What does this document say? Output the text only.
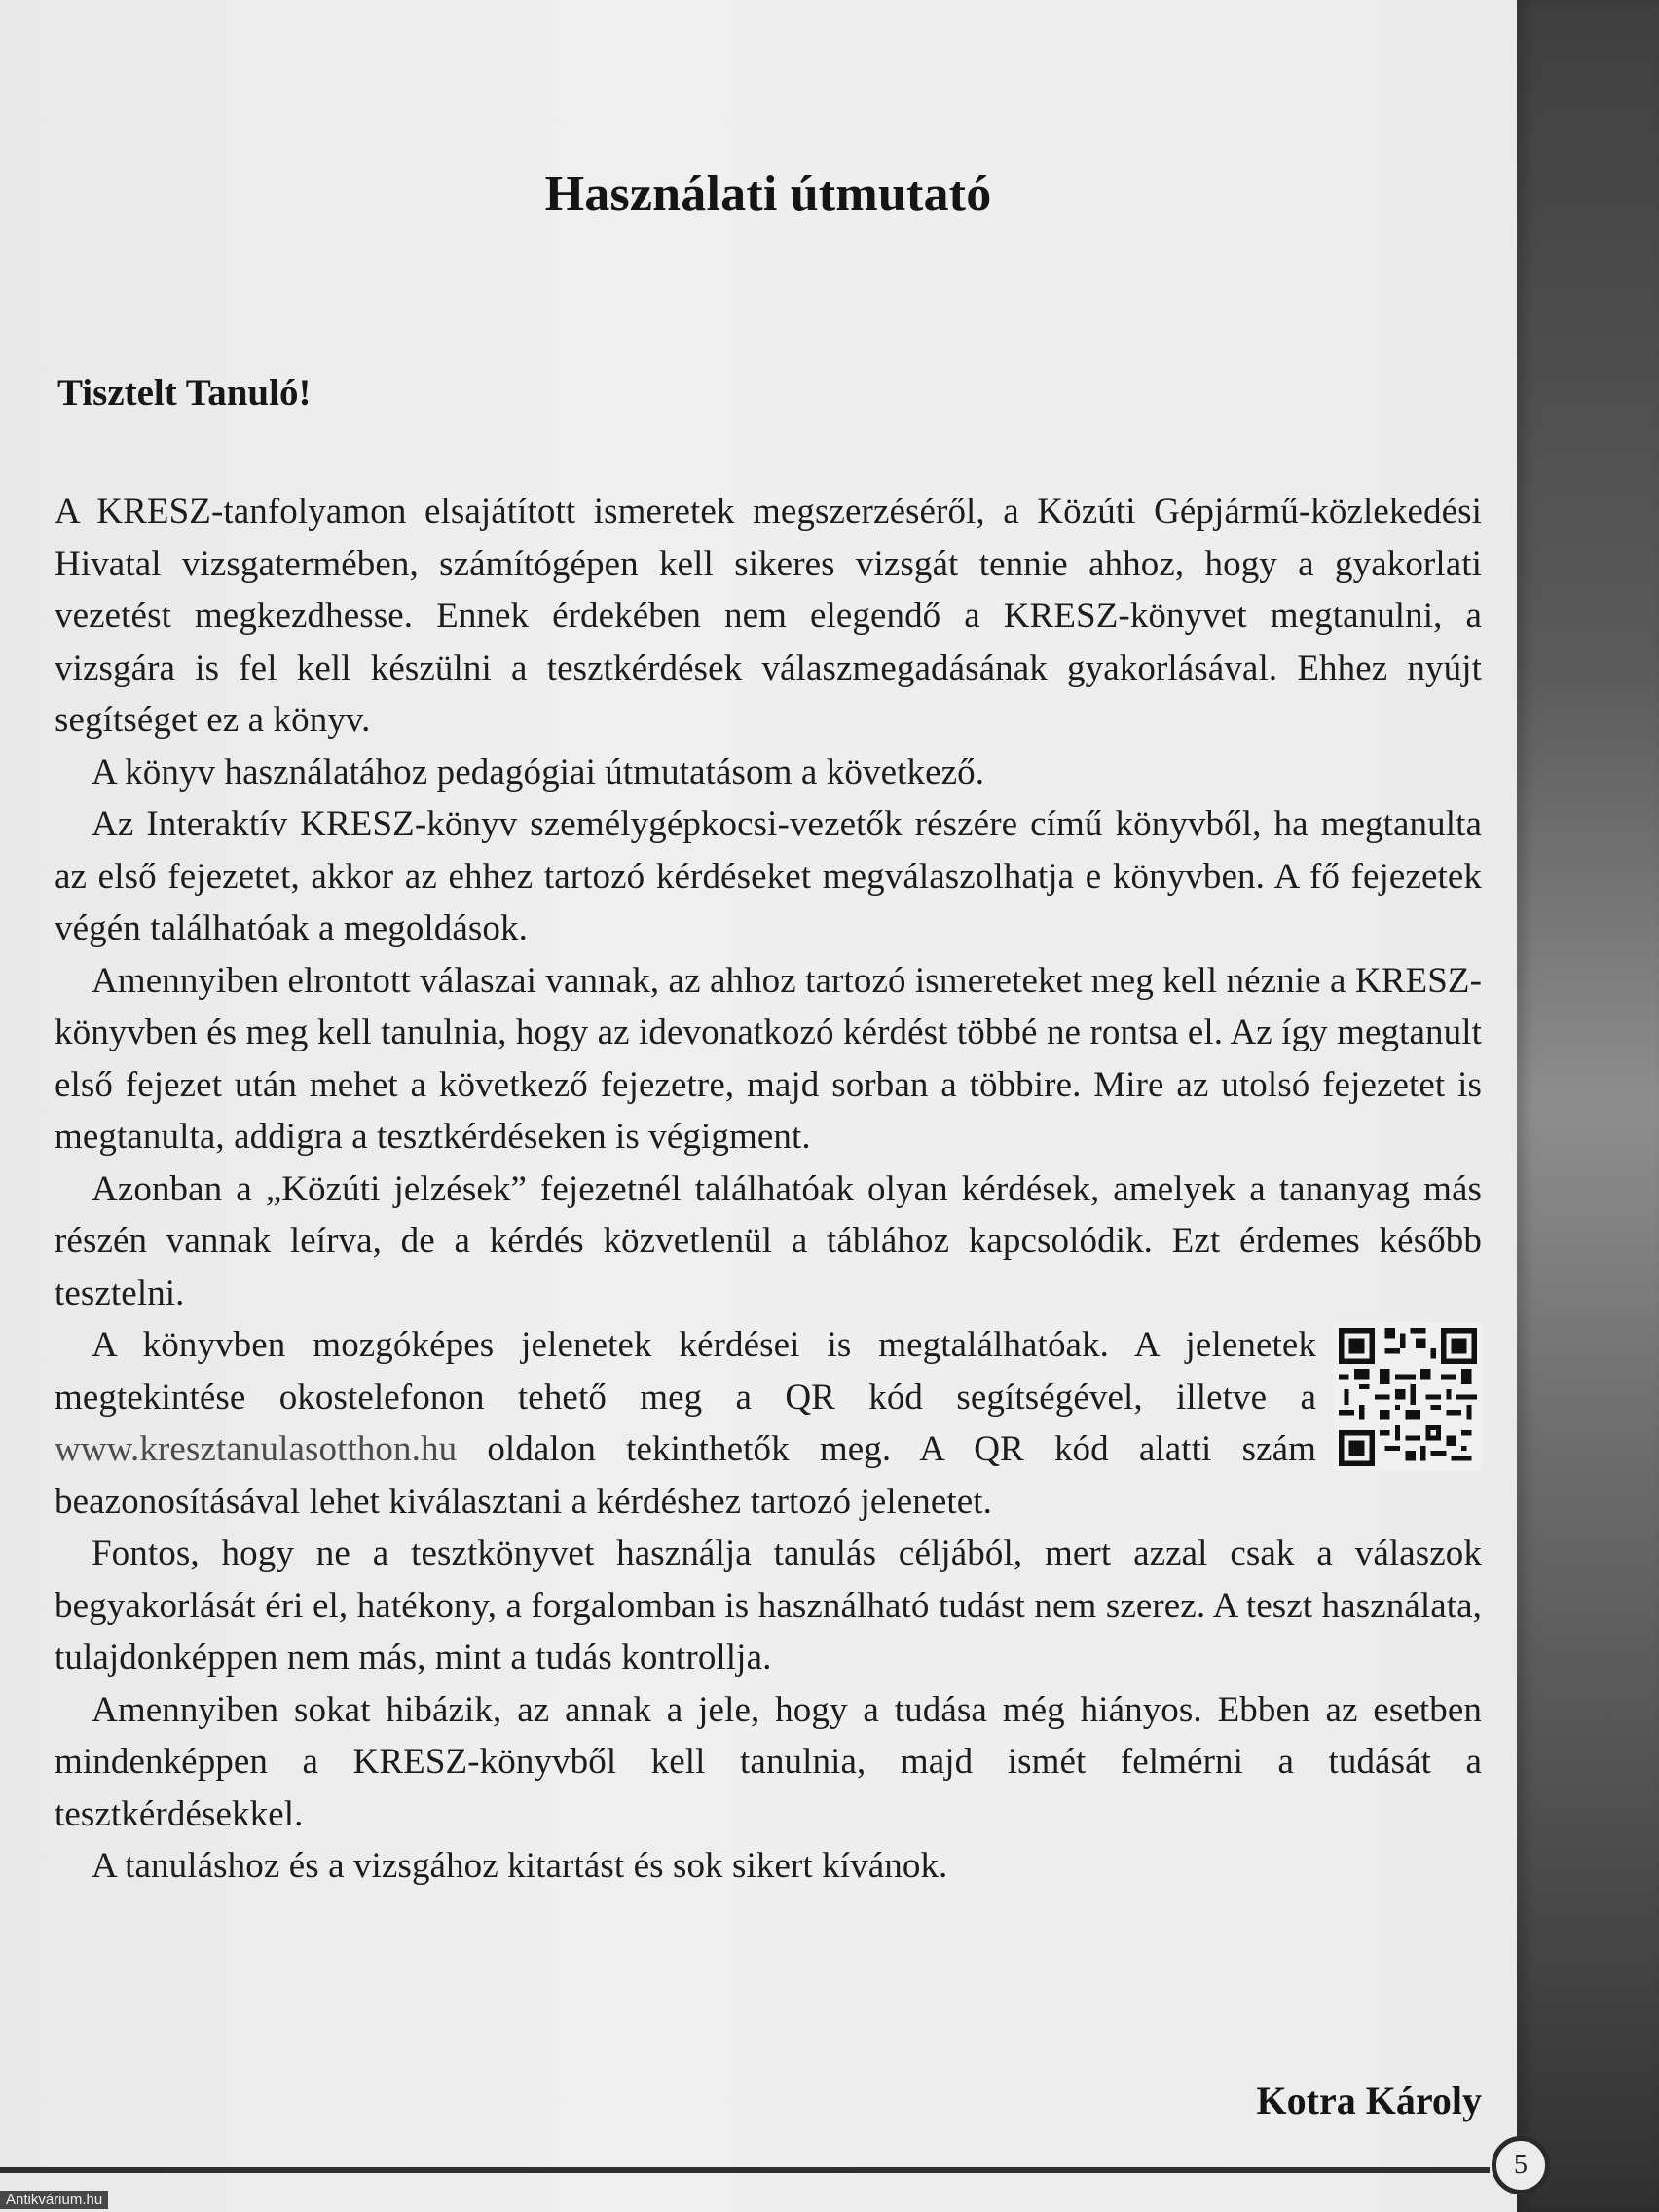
Használati útmutató
Tisztelt Tanuló!

A KRESZ-tanfolyamon elsajátított ismeretek megszerzéséről, a Közúti Gépjármű-közlekedési Hivatal vizsgatermében, számítógépen kell sikeres vizsgát tennie ahhoz, hogy a gyakorlati vezetést megkezdhesse. Ennek érdekében nem elegendő a KRESZ-könyvet megtanulni, a vizsgára is fel kell készülni a tesztkérdések válaszmegadásának gyakorlásával. Ehhez nyújt segítséget ez a könyv.

A könyv használatához pedagógiai útmutatásom a következő.

Az Interaktív KRESZ-könyv személygépkocsi-vezetők részére című könyvből, ha megtanulta az első fejezetet, akkor az ehhez tartozó kérdéseket megválaszolhatja e könyvben. A fő fejezetek végén találhatóak a megoldások.

Amennyiben elrontott válaszai vannak, az ahhoz tartozó ismereteket meg kell néznie a KRESZ-könyvben és meg kell tanulnia, hogy az idevonatkozó kérdést többé ne rontsa el. Az így megtanult első fejezet után mehet a következő fejezetre, majd sorban a többire. Mire az utolsó fejezetet is megtanulta, addigra a tesztkérdéseken is végigment.

Azonban a „Közúti jelzések” fejezetnél találhatóak olyan kérdések, amelyek a tananyag más részén vannak leírva, de a kérdés közvetlenül a táblához kapcsolódik. Ezt érdemes később tesztelni.

A könyvben mozgóképes jelenetek kérdései is megtalálhatóak. A jelenetek megtekintése okostelefonon tehető meg a QR kód segítségével, illetve a www.kresztanulasotthon.hu oldalon tekinthetők meg. A QR kód alatti szám beazonosításával lehet kiválasztani a kérdéshez tartozó jelenetet.

Fontos, hogy ne a tesztkönyvet használja tanulás céljából, mert azzal csak a válaszok begyakorlását éri el, hatékony, a forgalomban is használható tudást nem szerez. A teszt használata, tulajdonképpen nem más, mint a tudás kontrollja.

Amennyiben sokat hibázik, az annak a jele, hogy a tudása még hiányos. Ebben az esetben mindenképpen a KRESZ-könyvből kell tanulnia, majd ismét felmérni a tudását a tesztkérdésekkel.

A tanuláshoz és a vizsgához kitartást és sok sikert kívánok.

Kotra Károly
5
Antikvárium.hu
